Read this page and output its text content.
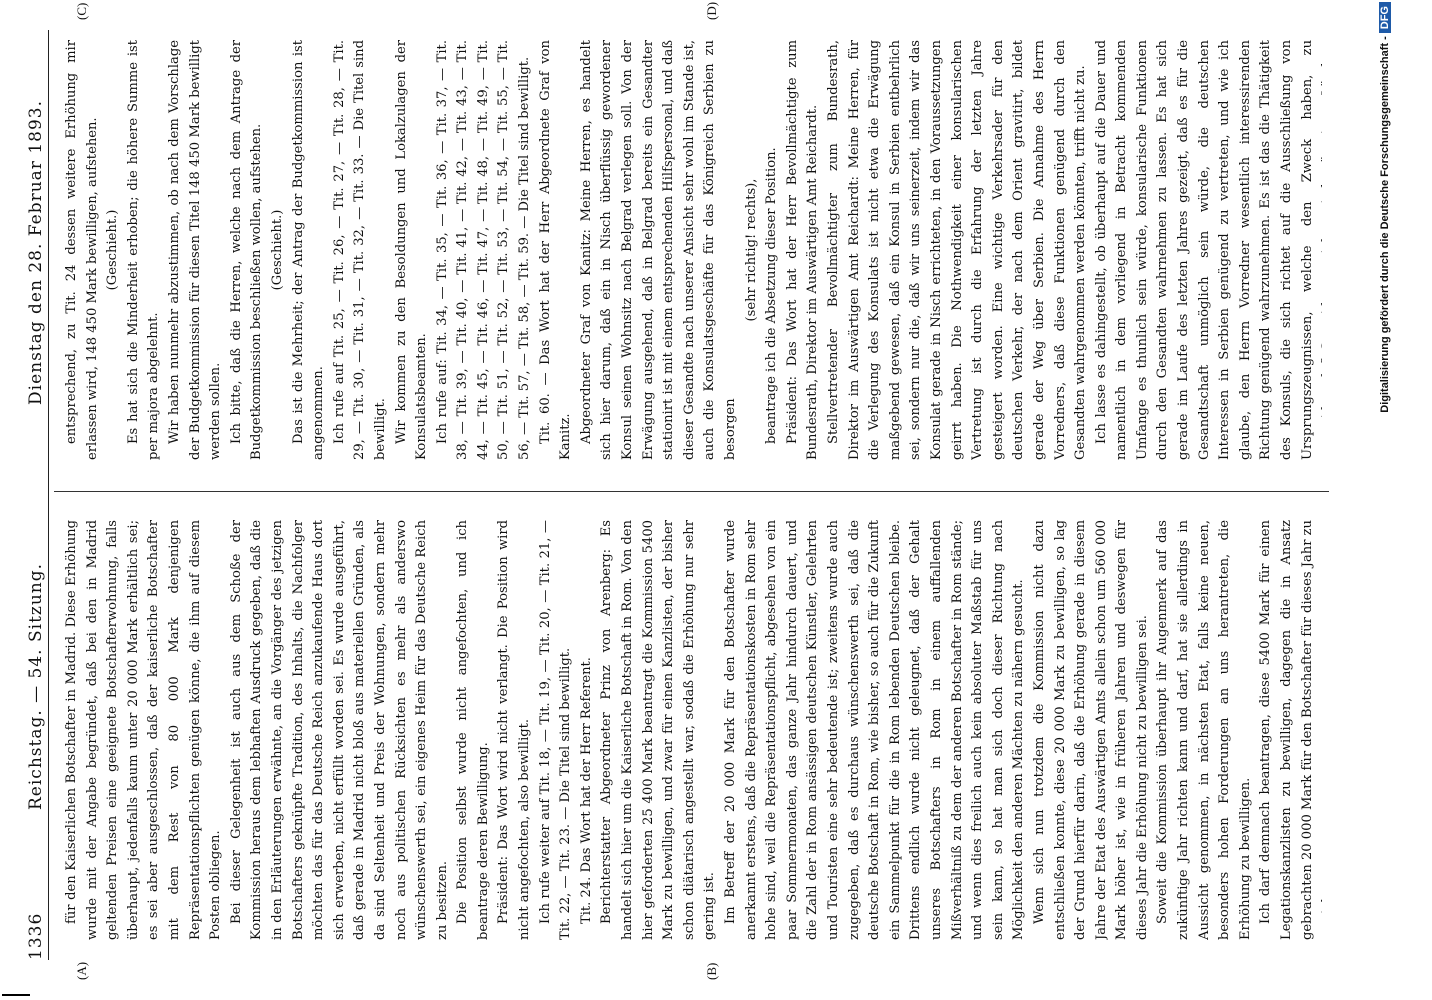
1336
Reichstag. — 54. Sitzung.
Dienstag den 28. Februar 1893.
(A)	(B)
(C)	(D)

für den Kaiserlichen Botschafter in Madrid. Diese Erhöhung wurde mit der Angabe begründet, daß bei den in Madrid geltenden Preisen eine geeignete Botschafterwohnung, falls überhaupt, jedenfalls kaum unter 20 000 Mark erhältlich sei; es sei aber ausgeschlossen, daß der kaiserliche Botschafter mit dem Rest von 80 000 Mark denjenigen Repräsentationspflichten genügen könne, die ihm auf diesem Posten obliegen. Bei dieser Gelegenheit ist auch aus dem Schoße der Kommission heraus dem lebhaften Ausdruck gegeben, daß die in den Erläuterungen erwähnte, an die Vorgänger des jetzigen Botschafters geknüpfte Tradition, des Inhalts, die Nachfolger möchten das für das Deutsche Reich anzukaufende Haus dort sich erwerben, nicht erfüllt worden sei. Es wurde ausgeführt, daß gerade in Madrid nicht bloß aus materiellen Gründen, als da sind Seltenheit und Preis der Wohnungen, sondern mehr noch aus politischen Rücksichten es mehr als anderswo wünschenswerth sei, ein eigenes Heim für das Deutsche Reich zu besitzen. Die Position selbst wurde nicht angefochten, und ich beantrage deren Bewilligung. Präsident: Das Wort wird nicht verlangt. Die Position wird nicht angefochten, also bewilligt. Ich rufe weiter auf Tit. 18, — Tit. 19, — Tit. 20, — Tit. 21, — Tit. 22, — Tit. 23. — Die Titel sind bewilligt. Tit. 24. Das Wort hat der Herr Referent. Berichterstatter Abgeordneter Prinz von Arenberg: Es handelt sich hier um die Kaiserliche Botschaft in Rom. Von den hier geforderten 25 400 Mark beantragt die Kommission 5400 Mark zu bewilligen, und zwar für einen Kanzlisten, der bisher schon diätarisch angestellt war, sodaß die Erhöhung nur sehr gering ist. Im Betreff der 20 000 Mark für den Botschafter wurde anerkannt erstens, daß die Repräsentationskosten in Rom sehr hohe sind, weil die Repräsentationspflicht, abgesehen von ein paar Sommermonaten, das ganze Jahr hindurch dauert, und die Zahl der in Rom ansässigen deutschen Künstler, Gelehrten und Touristen eine sehr bedeutende ist; zweitens wurde auch zugegeben, daß es durchaus wünschenswerth sei, daß die deutsche Botschaft in Rom, wie bisher, so auch für die Zukunft ein Sammelpunkt für die in Rom lebenden Deutschen bleibe. Drittens endlich wurde nicht geleugnet, daß der Gehalt unseres Botschafters in Rom in einem auffallenden Mißverhältniß zu dem der anderen Botschafter in Rom stände; und wenn dies freilich auch kein absoluter Maßstab für uns sein kann, so hat man sich doch dieser Richtung nach Möglichkeit den anderen Mächten zu nähern gesucht. Wenn sich nun trotzdem die Kommission nicht dazu entschließen konnte, diese 20 000 Mark zu bewilligen, so lag der Grund hierfür darin, daß die Erhöhung gerade in diesem Jahre der Etat des Auswärtigen Amts allein schon um 560 000 Mark höher ist, wie in früheren Jahren und deswegen für dieses Jahr die Erhöhung nicht zu bewilligen sei. Soweit die Kommission überhaupt ihr Augenmerk auf das zukünftige Jahr richten kann und darf, hat sie allerdings in Aussicht genommen, in nächsten Etat, falls keine neuen, besonders hohen Forderungen an uns herantreten, die Erhöhung zu bewilligen. Ich darf demnach beantragen, diese 5400 Mark für einen Legationskanzlisten zu bewilligen, dagegen die in Ansatz gebrachten 20 000 Mark für den Botschafter für dieses Jahr zu

entsprechend, zu Tit. 24 dessen weitere Erhöhung mir erlassen wird, 148 450 Mark bewilligen, aufstehen. (Geschieht.) Es hat sich die Minderheit erhoben; die höhere Summe ist per majora abgelehnt. Wir haben nunmehr abzustimmen, ob nach dem Vorschlage der Budgetkommission für diesen Titel 148 450 Mark bewilligt werden sollen. Ich bitte, daß die Herren, welche nach dem Antrage der Budgetkommission beschließen wollen, aufstehen. (Geschieht.) Das ist die Mehrheit; der Antrag der Budgetkommission ist angenommen. Ich rufe auf Tit. 25, — Tit. 26, — Tit. 27, — Tit. 28, — Tit. 29, — Tit. 30, — Tit. 31, — Tit. 32, — Tit. 33. — Die Titel sind bewilligt. Wir kommen zu den Besoldungen und Lokalzulagen der Konsulatsbeamten. Ich rufe auf: Tit. 34, — Tit. 35, — Tit. 36, — Tit. 37, — Tit. 38, — Tit. 39, — Tit. 40, — Tit. 41, — Tit. 42, — Tit. 43, — Tit. 44, — Tit. 45, — Tit. 46, — Tit. 47, — Tit. 48, — Tit. 49, — Tit. 50, — Tit. 51, — Tit. 52, — Tit. 53, — Tit. 54, — Tit. 55, — Tit. 56, — Tit. 57, — Tit. 58, — Tit. 59. — Die Titel sind bewilligt. Tit. 60. — Das Wort hat der Herr Abgeordnete Graf von Kanitz. Abgeordneter Graf von Kanitz: Meine Herren, es handelt sich hier darum, daß ein in Nisch überflüssig gewordener Konsul seinen Wohnsitz nach Belgrad verlegen soll. Von der Erwägung ausgehend, daß in Belgrad bereits ein Gesandter stationirt ist mit einem entsprechenden Hilfspersonal, und daß dieser Gesandte nach unserer Ansicht sehr wohl im Stande ist, auch die Konsulatsgeschäfte für das Königreich Serbien zu besorgen

(sehr richtig! rechts), beantrage ich die Absetzung dieser Position. Präsident: Das Wort hat der Herr Bevollmächtigte zum Bundesrath, Direktor im Auswärtigen Amt Reichardt. Stellvertretender Bevollmächtigter zum Bundesrath, Direktor im Auswärtigen Amt Reichardt: Meine Herren, für die Verlegung des Konsulats ist nicht etwa die Erwägung maßgebend gewesen, daß ein Konsul in Serbien entbehrlich sei, sondern nur die, daß wir uns seinerzeit, indem wir das Konsulat gerade in Nisch errichteten, in den Voraussetzungen geirrt haben. Die Nothwendigkeit einer konsularischen Vertretung ist durch die Erfahrung der letzten Jahre gesteigert worden. Eine wichtige Verkehrsader für den deutschen Verkehr, der nach dem Orient gravitirt, bildet gerade der Weg über Serbien. Die Annahme des Herrn Vorredners, daß diese Funktionen genügend durch den Gesandten wahrgenommen werden könnten, trifft nicht zu. Ich lasse es dahingestellt, ob überhaupt auf die Dauer und namentlich in dem vorliegend in Betracht kommenden Umfange es thunlich sein würde, konsularische Funktionen durch den Gesandten wahrnehmen zu lassen. Es hat sich gerade im Laufe des letzten Jahres gezeigt, daß es für die Gesandtschaft unmöglich sein würde, die deutschen Interessen in Serbien genügend zu vertreten, und wie ich glaube, den Herrn Vorredner wesentlich interessirenden Richtung genügend wahrzunehmen. Es ist das die Thätigkeit des Konsuls, die sich richtet auf die Ausschließung von Ursprungszeugnissen, welche den Zweck haben, zu	Digitalisierung gefördert durch die Deutsche Forschungsgemeinschaft -DFG
